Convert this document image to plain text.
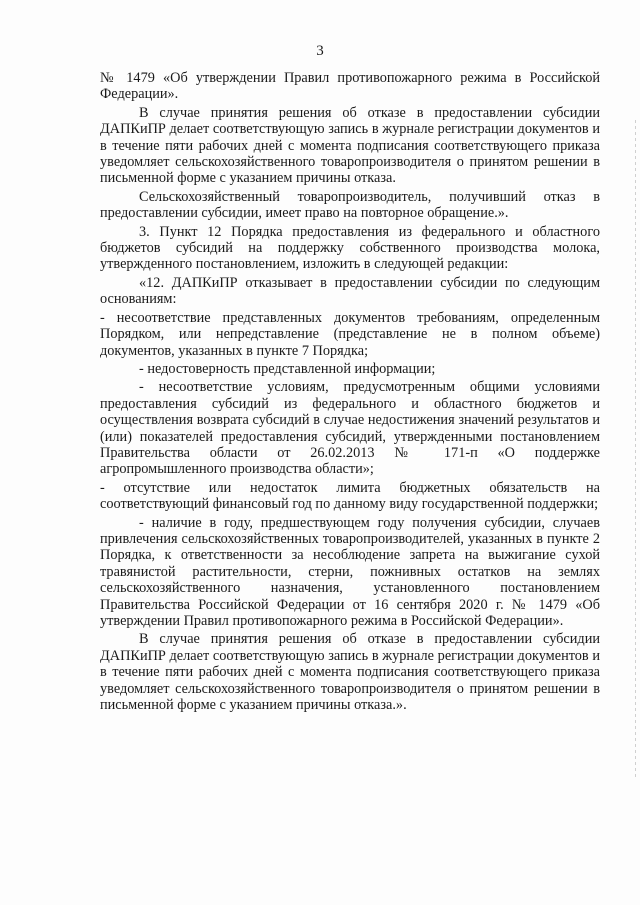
3

№ 1479 «Об утверждении Правил противопожарного режима в Российской Федерации».

В случае принятия решения об отказе в предоставлении субсидии ДАПКиПР делает соответствующую запись в журнале регистрации документов и в течение пяти рабочих дней с момента подписания соответствующего приказа уведомляет сельскохозяйственного товаропроизводителя о принятом решении в письменной форме с указанием причины отказа.

Сельскохозяйственный товаропроизводитель, получивший отказ в предоставлении субсидии, имеет право на повторное обращение.».

3. Пункт 12 Порядка предоставления из федерального и областного бюджетов субсидий на поддержку собственного производства молока, утвержденного постановлением, изложить в следующей редакции:

«12. ДАПКиПР отказывает в предоставлении субсидии по следующим основаниям:

- несоответствие представленных документов требованиям, определенным Порядком, или непредставление (представление не в полном объеме) документов, указанных в пункте 7 Порядка;

- недостоверность представленной информации;

- несоответствие условиям, предусмотренным общими условиями предоставления субсидий из федерального и областного бюджетов и осуществления возврата субсидий в случае недостижения значений результатов и (или) показателей предоставления субсидий, утвержденными постановлением Правительства области от 26.02.2013 № 171-п «О поддержке агропромышленного производства области»;

- отсутствие или недостаток лимита бюджетных обязательств на соответствующий финансовый год по данному виду государственной поддержки;

- наличие в году, предшествующем году получения субсидии, случаев привлечения сельскохозяйственных товаропроизводителей, указанных в пункте 2 Порядка, к ответственности за несоблюдение запрета на выжигание сухой травянистой растительности, стерни, пожнивных остатков на землях сельскохозяйственного назначения, установленного постановлением Правительства Российской Федерации от 16 сентября 2020 г. № 1479 «Об утверждении Правил противопожарного режима в Российской Федерации».

В случае принятия решения об отказе в предоставлении субсидии ДАПКиПР делает соответствующую запись в журнале регистрации документов и в течение пяти рабочих дней с момента подписания соответствующего приказа уведомляет сельскохозяйственного товаропроизводителя о принятом решении в письменной форме с указанием причины отказа.».
